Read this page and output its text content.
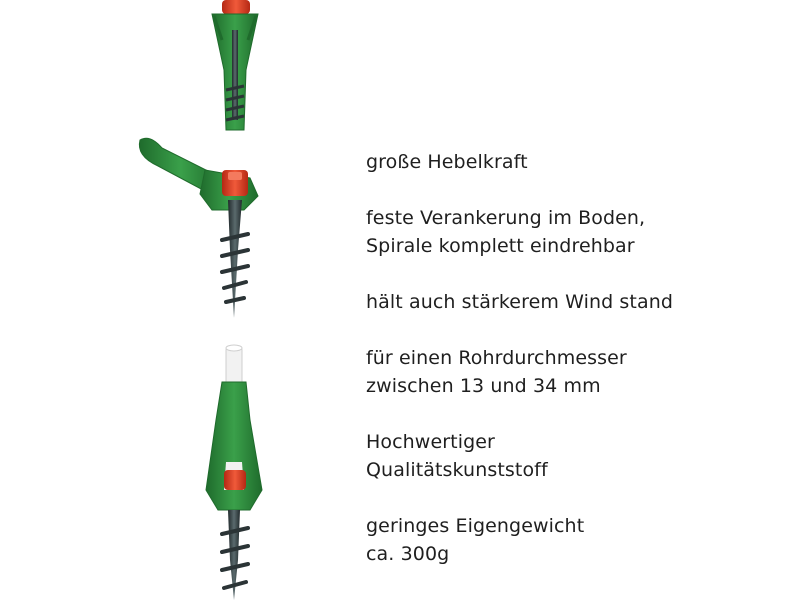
große Hebelkraft
feste Verankerung im Boden,
Spirale komplett eindrehbar
hält auch stärkerem Wind stand
für einen Rohrdurchmesser
zwischen 13 und 34 mm
Hochwertiger
Qualitätskunststoff
geringes Eigengewicht
ca. 300g
